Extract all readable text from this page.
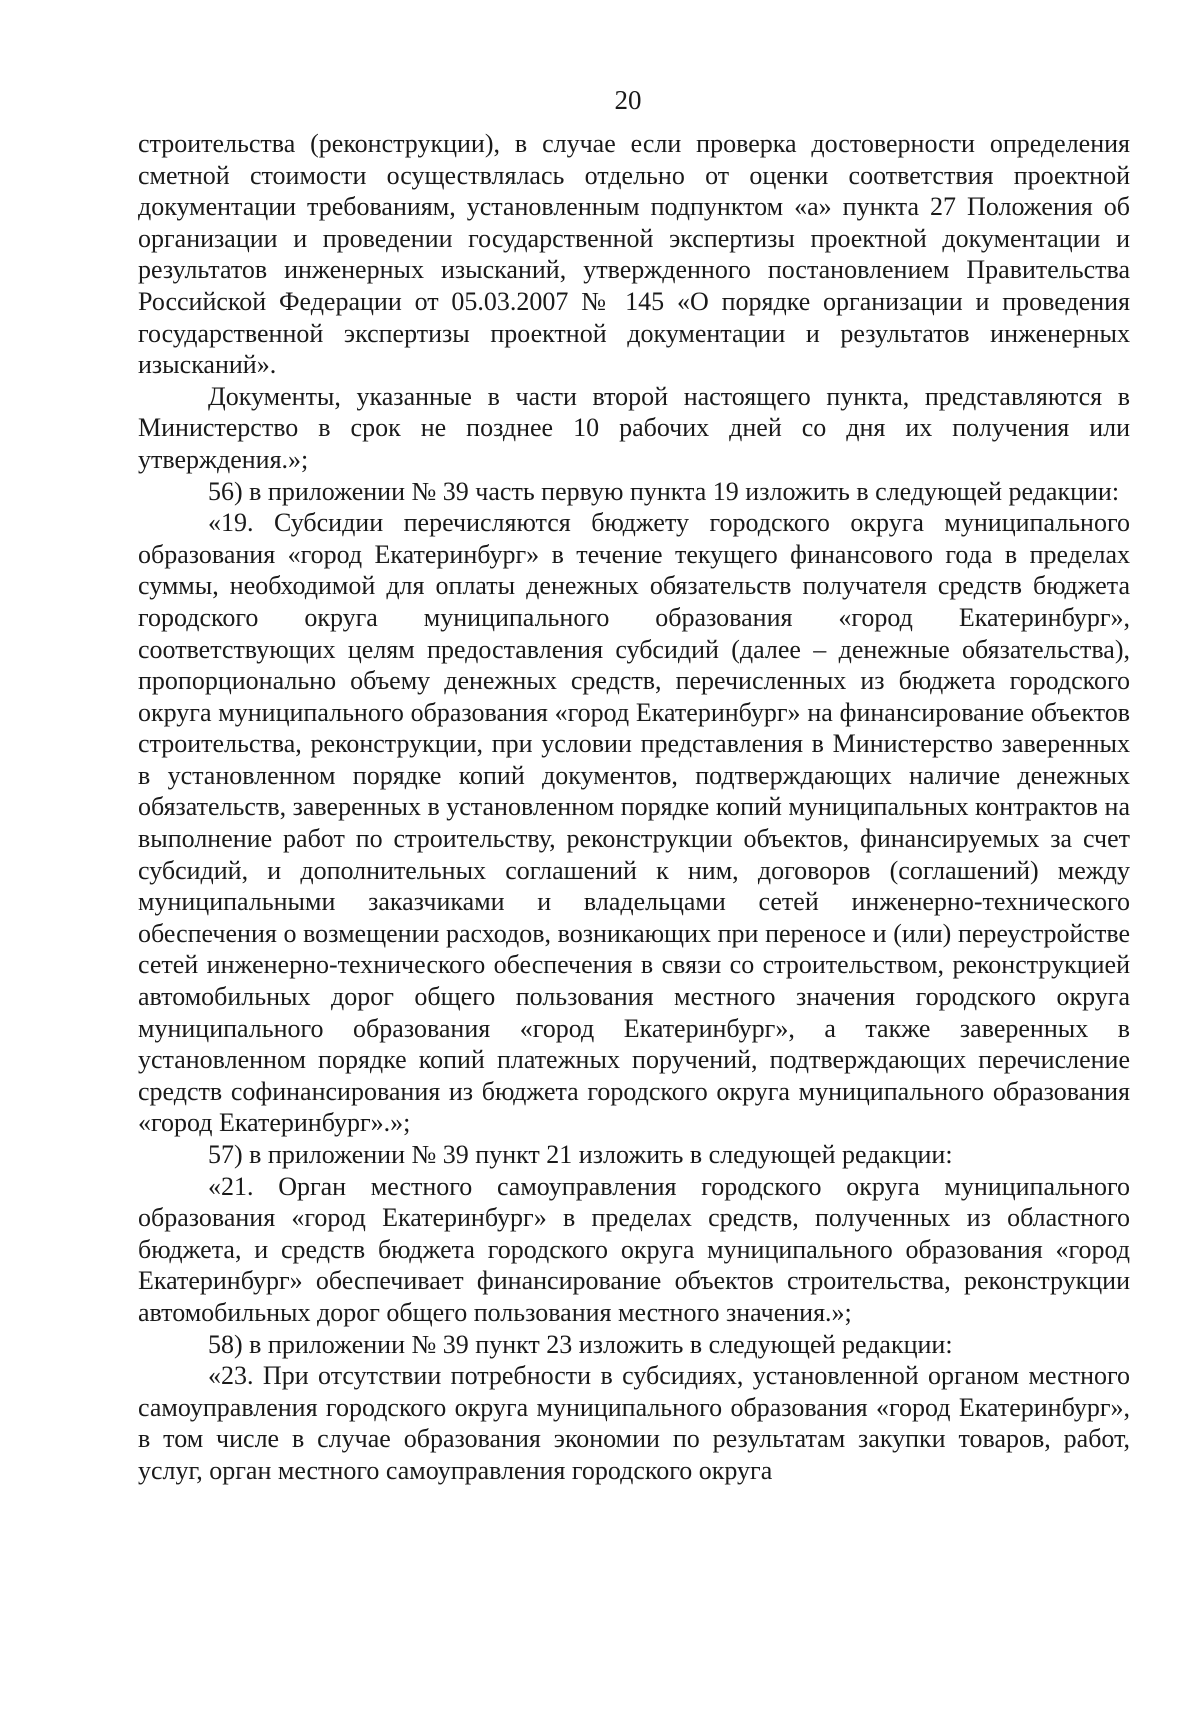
20

строительства (реконструкции), в случае если проверка достоверности определения сметной стоимости осуществлялась отдельно от оценки соответствия проектной документации требованиям, установленным подпунктом «а» пункта 27 Положения об организации и проведении государственной экспертизы проектной документации и результатов инженерных изысканий, утвержденного постановлением Правительства Российской Федерации от 05.03.2007 № 145 «О порядке организации и проведения государственной экспертизы проектной документации и результатов инженерных изысканий».

Документы, указанные в части второй настоящего пункта, представляются в Министерство в срок не позднее 10 рабочих дней со дня их получения или утверждения.»;

56) в приложении № 39 часть первую пункта 19 изложить в следующей редакции:

«19. Субсидии перечисляются бюджету городского округа муниципального образования «город Екатеринбург» в течение текущего финансового года в пределах суммы, необходимой для оплаты денежных обязательств получателя средств бюджета городского округа муниципального образования «город Екатеринбург», соответствующих целям предоставления субсидий (далее – денежные обязательства), пропорционально объему денежных средств, перечисленных из бюджета городского округа муниципального образования «город Екатеринбург» на финансирование объектов строительства, реконструкции, при условии представления в Министерство заверенных в установленном порядке копий документов, подтверждающих наличие денежных обязательств, заверенных в установленном порядке копий муниципальных контрактов на выполнение работ по строительству, реконструкции объектов, финансируемых за счет субсидий, и дополнительных соглашений к ним, договоров (соглашений) между муниципальными заказчиками и владельцами сетей инженерно-технического обеспечения о возмещении расходов, возникающих при переносе и (или) переустройстве сетей инженерно-технического обеспечения в связи со строительством, реконструкцией автомобильных дорог общего пользования местного значения городского округа муниципального образования «город Екатеринбург», а также заверенных в установленном порядке копий платежных поручений, подтверждающих перечисление средств софинансирования из бюджета городского округа муниципального образования «город Екатеринбург».»;

57) в приложении № 39 пункт 21 изложить в следующей редакции:

«21. Орган местного самоуправления городского округа муниципального образования «город Екатеринбург» в пределах средств, полученных из областного бюджета, и средств бюджета городского округа муниципального образования «город Екатеринбург» обеспечивает финансирование объектов строительства, реконструкции автомобильных дорог общего пользования местного значения.»;

58) в приложении № 39 пункт 23 изложить в следующей редакции:

«23. При отсутствии потребности в субсидиях, установленной органом местного самоуправления городского округа муниципального образования «город Екатеринбург», в том числе в случае образования экономии по результатам закупки товаров, работ, услуг, орган местного самоуправления городского округа
